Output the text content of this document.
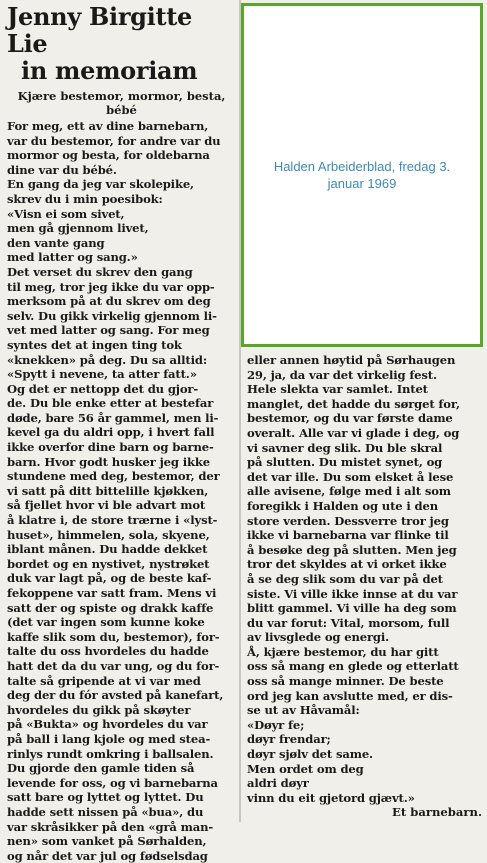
Jenny Birgitte Lie
in memoriam

Kjære bestemor, mormor, besta,
bébé

For meg, ett av dine barnebarn,
var du bestemor, for andre var du
mormor og besta, for oldebarna
dine var du bébé.
En gang da jeg var skolepike,
skrev du i min poesibok:
«Visn ei som sivet,
men gå gjennom livet,
den vante gang
med latter og sang.»
Det verset du skrev den gang
til meg, tror jeg ikke du var opp-
merksom på at du skrev om deg
selv. Du gikk virkelig gjennom li-
vet med latter og sang. For meg
syntes det at ingen ting tok
«knekken» på deg. Du sa alltid:
«Spytt i nevene, ta atter fatt.»
Og det er nettopp det du gjor-
de. Du ble enke etter at bestefar
døde, bare 56 år gammel, men li-
kevel ga du aldri opp, i hvert fall
ikke overfor dine barn og barne-
barn. Hvor godt husker jeg ikke
stundene med deg, bestemor, der
vi satt på ditt bittelille kjøkken,
så fjellet hvor vi ble advart mot
å klatre i, de store trærne i «lyst-
huset», himmelen, sola, skyene,
iblant månen. Du hadde dekket
bordet og en nystivet, nystrøket
duk var lagt på, og de beste kaf-
fekoppene var satt fram. Mens vi
satt der og spiste og drakk kaffe
(det var ingen som kunne koke
kaffe slik som du, bestemor), for-
talte du oss hvordeles du hadde
hatt det da du var ung, og du for-
talte så gripende at vi var med
deg der du fór avsted på kanefart,
hvordeles du gikk på skøyter
på «Bukta» og hvordeles du var
på ball i lang kjole og med stea-
rinlys rundt omkring i ballsalen.
Du gjorde den gamle tiden så
levende for oss, og vi barnebarna
satt bare og lyttet og lyttet. Du
hadde sett nissen på «bua», du
var skråsikker på den «grå man-
nen» som vanket på Sørhalden,
og når det var jul og fødselsdag

Halden Arbeiderblad, fredag 3. januar 1969

eller annen høytid på Sørhaugen
29, ja, da var det virkelig fest.
Hele slekta var samlet. Intet
manglet, det hadde du sørget for,
bestemor, og du var første dame
overalt. Alle var vi glade i deg, og
vi savner deg slik. Du ble skral
på slutten. Du mistet synet, og
det var ille. Du som elsket å lese
alle avisene, følge med i alt som
foregikk i Halden og ute i den
store verden. Dessverre tror jeg
ikke vi barnebarna var flinke til
å besøke deg på slutten. Men jeg
tror det skyldes at vi orket ikke
å se deg slik som du var på det
siste. Vi ville ikke innse at du var
blitt gammel. Vi ville ha deg som
du var forut: Vital, morsom, full
av livsglede og energi.
Å, kjære bestemor, du har gitt
oss så mang en glede og etterlatt
oss så mange minner. De beste
ord jeg kan avslutte med, er dis-
se ut av Håvamål:
«Døyr fe;
døyr frendar;
døyr sjølv det same.
Men ordet om deg
aldri døyr
vinn du eit gjetord gjævt.»

Et barnebarn.
